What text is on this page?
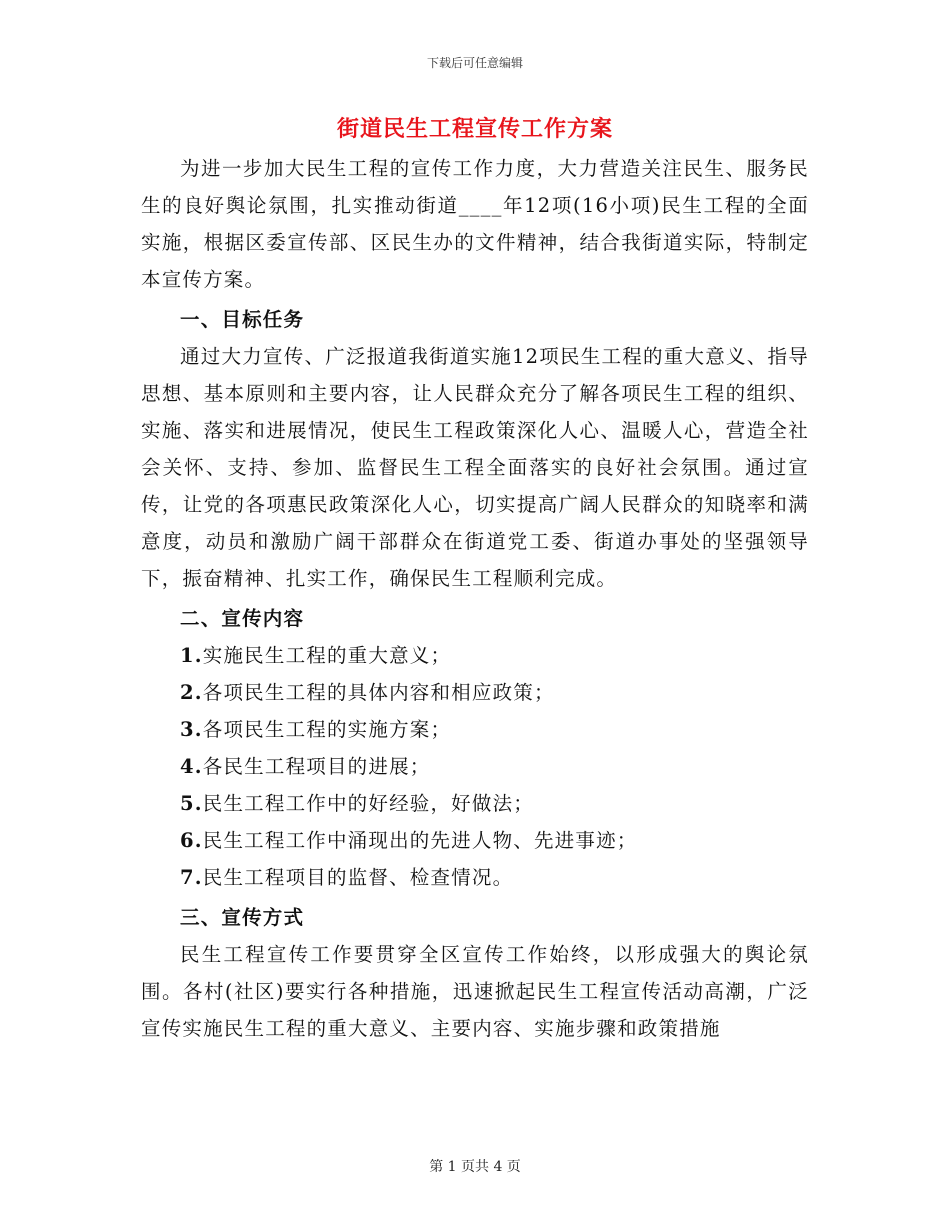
下载后可任意编辑
街道民生工程宣传工作方案

为进一步加大民生工程的宣传工作力度，大力营造关注民生、服务民生的良好舆论氛围，扎实推动街道____年12项(16小项)民生工程的全面实施，根据区委宣传部、区民生办的文件精神，结合我街道实际，特制定本宣传方案。

一、目标任务

通过大力宣传、广泛报道我街道实施12项民生工程的重大意义、指导思想、基本原则和主要内容，让人民群众充分了解各项民生工程的组织、实施、落实和进展情况，使民生工程政策深化人心、温暖人心，营造全社会关怀、支持、参加、监督民生工程全面落实的良好社会氛围。通过宣传，让党的各项惠民政策深化人心，切实提高广阔人民群众的知晓率和满意度，动员和激励广阔干部群众在街道党工委、街道办事处的坚强领导下，振奋精神、扎实工作，确保民生工程顺利完成。

二、宣传内容

1.实施民生工程的重大意义；

2.各项民生工程的具体内容和相应政策；

3.各项民生工程的实施方案；

4.各民生工程项目的进展；

5.民生工程工作中的好经验，好做法；

6.民生工程工作中涌现出的先进人物、先进事迹；

7.民生工程项目的监督、检查情况。

三、宣传方式

民生工程宣传工作要贯穿全区宣传工作始终，以形成强大的舆论氛围。各村(社区)要实行各种措施，迅速掀起民生工程宣传活动高潮，广泛宣传实施民生工程的重大意义、主要内容、实施步骤和政策措施

第 1 页共 4 页
